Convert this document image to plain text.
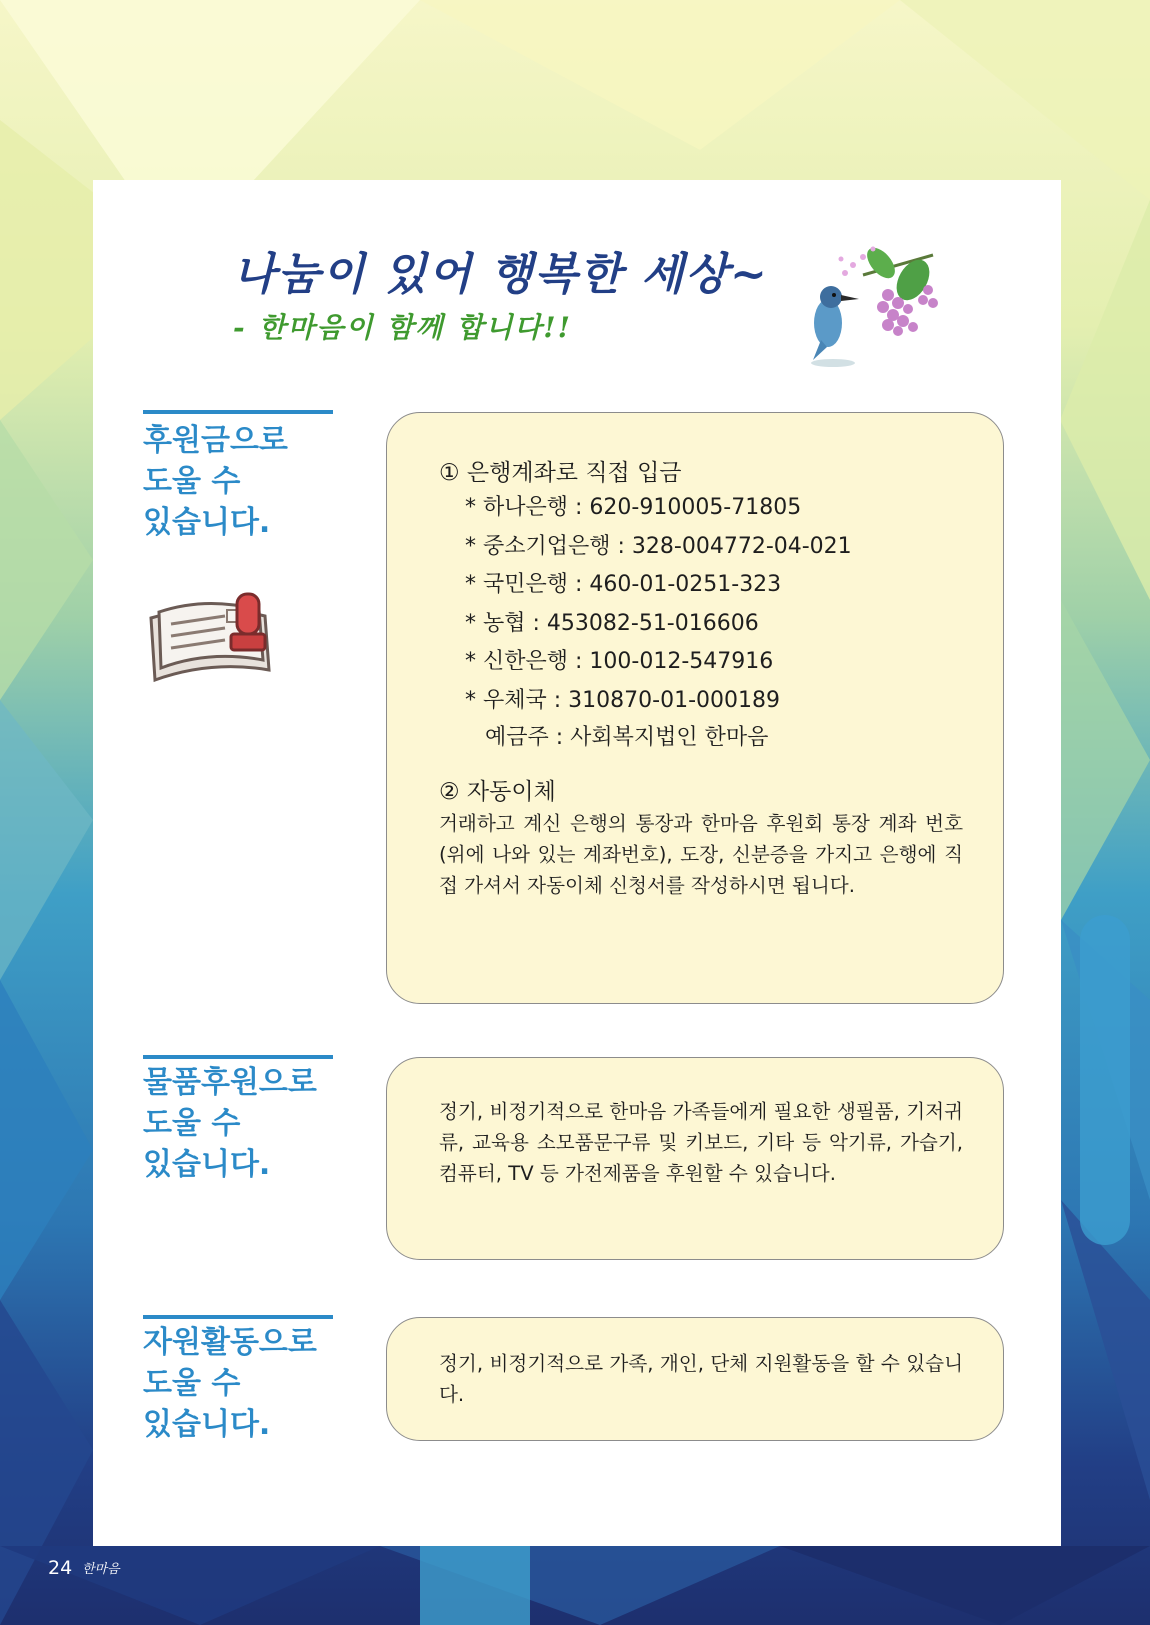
나눔이 있어 행복한 세상~
- 한마음이 함께 합니다!!
후원금으로
도울 수
있습니다.
① 은행계좌로 직접 입금
* 하나은행 : 620-910005-71805
* 중소기업은행 : 328-004772-04-021
* 국민은행 : 460-01-0251-323
* 농협 : 453082-51-016606
* 신한은행 : 100-012-547916
* 우체국 : 310870-01-000189
예금주 : 사회복지법인 한마음
② 자동이체
거래하고 계신 은행의 통장과 한마음 후원회 통장 계좌 번호(위에 나와 있는 계좌번호), 도장, 신분증을 가지고 은행에 직접 가셔서 자동이체 신청서를 작성하시면 됩니다.
물품후원으로
도울 수
있습니다.
정기, 비정기적으로 한마음 가족들에게 필요한 생필품, 기저귀류, 교육용 소모품문구류 및 키보드, 기타 등 악기류, 가습기, 컴퓨터, TV 등 가전제품을 후원할 수 있습니다.
자원활동으로
도울 수
있습니다.
정기, 비정기적으로 가족, 개인, 단체 지원활동을 할 수 있습니다.
24 한마음
